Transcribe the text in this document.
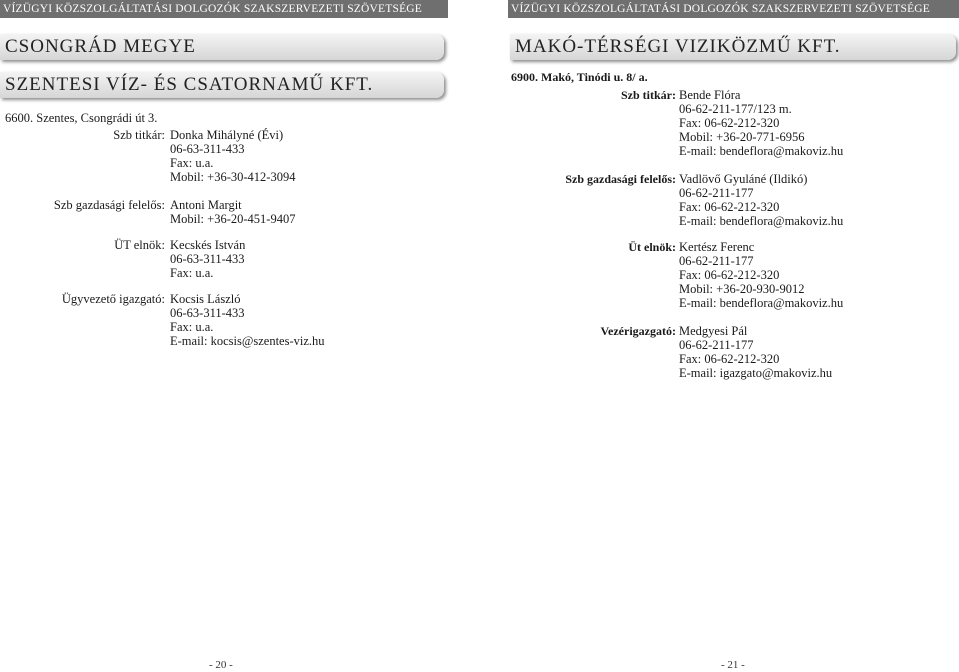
VÍZÜGYI KÖZSZOLGÁLTATÁSI DOLGOZÓK SZAKSZERVEZETI SZÖVETSÉGE
CSONGRÁD MEGYE
SZENTESI VÍZ- ÉS CSATORNAMŰ KFT.
6600. Szentes, Csongrádi út 3.
Szb titkár: Donka Mihályné (Évi)
06-63-311-433
Fax: u.a.
Mobil: +36-30-412-3094
Szb gazdasági felelős: Antoni Margit
Mobil: +36-20-451-9407
ÜT elnök: Kecskés István
06-63-311-433
Fax: u.a.
Ügyvezető igazgató: Kocsis László
06-63-311-433
Fax: u.a.
E-mail: kocsis@szentes-viz.hu
- 20 -
VÍZÜGYI KÖZSZOLGÁLTATÁSI DOLGOZÓK SZAKSZERVEZETI SZÖVETSÉGE
MAKÓ-TÉRSÉGI VIZIKÖZMŰ KFT.
6900. Makó, Tinódi u. 8/ a.
Szb titkár: Bende Flóra
06-62-211-177/123 m.
Fax: 06-62-212-320
Mobil: +36-20-771-6956
E-mail: bendeflora@makoviz.hu
Szb gazdasági felelős: Vadlövő Gyuláné (Ildikó)
06-62-211-177
Fax: 06-62-212-320
E-mail: bendeflora@makoviz.hu
Üt elnök: Kertész Ferenc
06-62-211-177
Fax: 06-62-212-320
Mobil: +36-20-930-9012
E-mail: bendeflora@makoviz.hu
Vezérigazgató: Medgyesi Pál
06-62-211-177
Fax: 06-62-212-320
E-mail: igazgato@makoviz.hu
- 21 -
